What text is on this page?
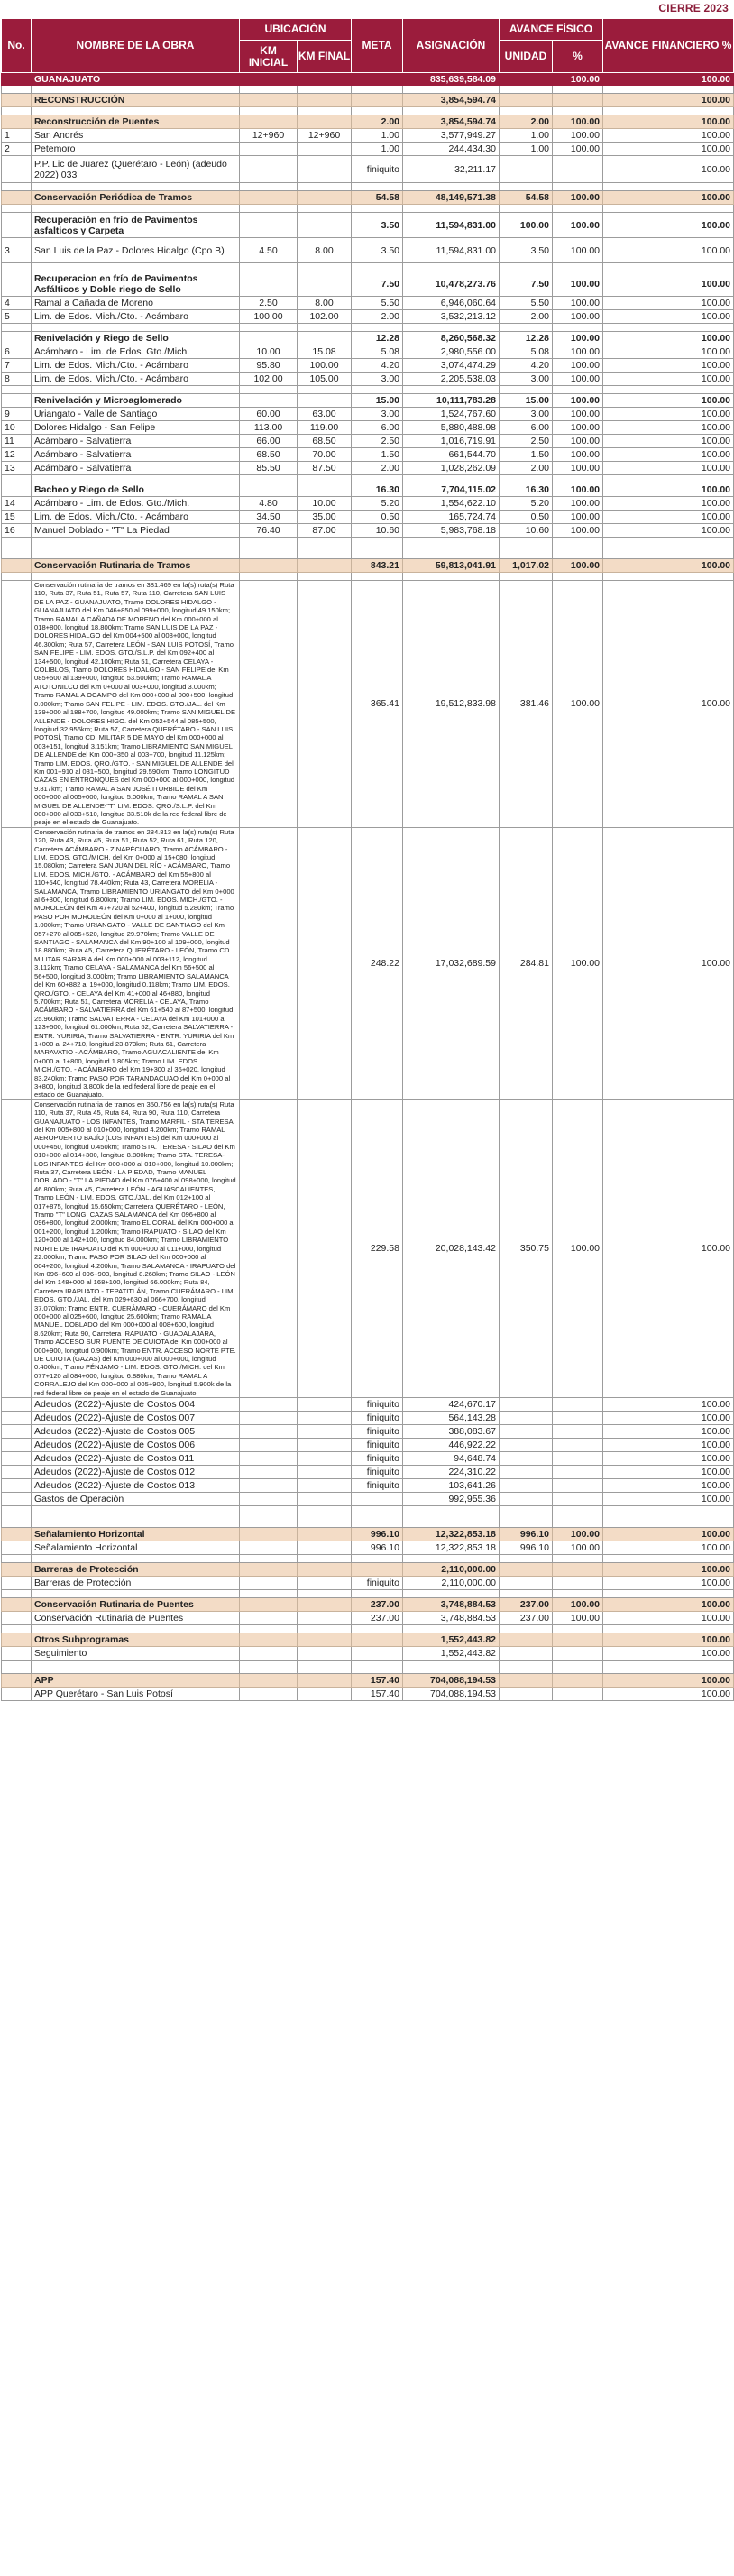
CIERRE 2023
No.	NOMBRE DE LA OBRA	UBICACIÓN		META	ASIGNACIÓN	AVANCE FÍSICO		AVANCE FINANCIERO %
		KM INICIAL	KM FINAL			UNIDAD	%	
	GUANAJUATO				835,639,584.09		100.00	100.00

	RECONSTRUCCIÓN				3,854,594.74			100.00

	Reconstrucción de Puentes			2.00	3,854,594.74	2.00	100.00	100.00
1	San Andrés	12+960	12+960	1.00	3,577,949.27	1.00	100.00	100.00
2	Petemoro			1.00	244,434.30	1.00	100.00	100.00
	P.P. Lic de Juarez (Querétaro - León) (adeudo 2022) 033			finiquito	32,211.17			100.00

	Conservación Periódica de Tramos			54.58	48,149,571.38	54.58	100.00	100.00

	Recuperación en frío de Pavimentos asfalticos y Carpeta			3.50	11,594,831.00	100.00	100.00	100.00
3	San Luis de la Paz - Dolores Hidalgo (Cpo B)	4.50	8.00	3.50	11,594,831.00	3.50	100.00	100.00

	Recuperacion en frío de Pavimentos Asfálticos y Doble riego de Sello			7.50	10,478,273.76	7.50	100.00	100.00
4	Ramal a Cañada de Moreno	2.50	8.00	5.50	6,946,060.64	5.50	100.00	100.00
5	Lim. de Edos. Mich./Cto. - Acámbaro	100.00	102.00	2.00	3,532,213.12	2.00	100.00	100.00

	Renivelación y Riego de Sello			12.28	8,260,568.32	12.28	100.00	100.00
6	Acámbaro - Lim. de Edos. Gto./Mich.	10.00	15.08	5.08	2,980,556.00	5.08	100.00	100.00
7	Lim. de Edos. Mich./Cto. - Acámbaro	95.80	100.00	4.20	3,074,474.29	4.20	100.00	100.00
8	Lim. de Edos. Mich./Cto. - Acámbaro	102.00	105.00	3.00	2,205,538.03	3.00	100.00	100.00

	Renivelación y Microaglomerado			15.00	10,111,783.28	15.00	100.00	100.00
9	Uriangato - Valle de Santiago	60.00	63.00	3.00	1,524,767.60	3.00	100.00	100.00
10	Dolores Hidalgo - San Felipe	113.00	119.00	6.00	5,880,488.98	6.00	100.00	100.00
11	Acámbaro - Salvatierra	66.00	68.50	2.50	1,016,719.91	2.50	100.00	100.00
12	Acámbaro - Salvatierra	68.50	70.00	1.50	661,544.70	1.50	100.00	100.00
13	Acámbaro - Salvatierra	85.50	87.50	2.00	1,028,262.09	2.00	100.00	100.00

	Bacheo y Riego de Sello			16.30	7,704,115.02	16.30	100.00	100.00
14	Acámbaro - Lim. de Edos. Gto./Mich.	4.80	10.00	5.20	1,554,622.10	5.20	100.00	100.00
15	Lim. de Edos. Mich./Cto. - Acámbaro	34.50	35.00	0.50	165,724.74	0.50	100.00	100.00
16	Manuel Doblado - "T" La Piedad	76.40	87.00	10.60	5,983,768.18	10.60	100.00	100.00

	Conservación Rutinaria de Tramos			843.21	59,813,041.91	1,017.02	100.00	100.00

	Conservación rutinaria de tramos en 381.469 en la(s) ruta(s) Ruta 110, Ruta 37, Ruta 51, Ruta 57, Ruta 110, Carretera SAN LUIS DE LA PAZ - GUANAJUATO, Tramo DOLORES HIDALGO - GUANAJUATO del Km 046+850 al 099+000, longitud 49.150km; Tramo RAMAL A CAÑADA DE MORENO del Km 000+000 al 018+800, longitud 18.800km; Tramo SAN LUIS DE LA PAZ - DOLORES HIDALGO del Km 004+500 al 008+000, longitud 46.300km; Ruta 57, Carretera LEÓN - SAN LUIS POTOSÍ, Tramo SAN FELIPE - LIM. EDOS. GTO./S.L.P. del Km 092+400 al 134+500, longitud 42.100km; Ruta 51, Carretera CELAYA - COLIBLOS, Tramo DOLORES HIDALGO - SAN FELIPE del Km 085+500 al 139+000, longitud 53.500km; Tramo RAMAL A ATOTONILCO del Km 0+000 al 003+000, longitud 3.000km; Tramo RAMAL A OCAMPO del Km 000+000 al 000+500, longitud 0.000km; Tramo SAN FELIPE - LIM. EDOS. GTO./JAL. del Km 139+000 al 188+700, longitud 49.000km; Tramo SAN MIGUEL DE ALLENDE - DOLORES HIGO. del Km 052+544 al 085+500, longitud 32.956km; Ruta 57, Carretera QUERÉTARO - SAN LUIS POTOSÍ, Tramo CD. MILITAR 5 DE MAYO del Km 000+000 al 003+151, longitud 3.151km; Tramo LIBRAMIENTO SAN MIGUEL DE ALLENDE del Km 000+350 al 003+700, longitud 11.125km; Tramo LIM. EDOS. QRO./GTO. - SAN MIGUEL DE ALLENDE del Km 001+910 al 031+500, longitud 29.590km; Tramo LONGITUD CAZAS EN ENTRONQUES del Km 000+000 al 000+000, longitud 9.817km; Tramo RAMAL A SAN JOSÉ ITURBIDE del Km 000+000 al 005+000, longitud 5.000km; Tramo RAMAL A SAN MIGUEL DE ALLENDE-"T" LIM. EDOS. QRO./S.L.P. del Km 000+000 al 033+510, longitud 33.510k de la red federal libre de peaje en el estado de Guanajuato.			365.41	19,512,833.98	381.46	100.00	100.00
	Conservación rutinaria de tramos en 284.813 en la(s) ruta(s) Ruta 120, Ruta 43, Ruta 45, Ruta 51, Ruta 52, Ruta 61, Ruta 120, Carretera ACÁMBARO - ZINAPÉCUARO, Tramo ACÁMBARO - LIM. EDOS. GTO./MICH. del Km 0+000 al 15+080, longitud 15.080km; Carretera SAN JUAN DEL RÍO - ACÁMBARO, Tramo LIM. EDOS. MICH./GTO. - ACÁMBARO del Km 55+800 al 110+540, longitud 78.440km; Ruta 43, Carretera MORELIA - SALAMANCA, Tramo LIBRAMIENTO URIANGATO del Km 0+000 al 6+800, longitud 6.800km; Tramo LIM. EDOS. MICH./GTO. - MOROLEÓN del Km 47+720 al 52+400, longitud 5.280km; Tramo PASO POR MOROLEÓN del Km 0+000 al 1+000, longitud 1.000km; Tramo URIANGATO - VALLE DE SANTIAGO del Km 057+270 al 085+520, longitud 29.970km; Tramo VALLE DE SANTIAGO - SALAMANCA del Km 90+100 al 109+000, longitud 18.880km; Ruta 45, Carretera QUERÉTARO - LEÓN, Tramo CD. MILITAR SARABIA del Km 000+000 al 003+112, longitud 3.112km; Tramo CELAYA - SALAMANCA del Km 56+500 al 56+500, longitud 3.000km; Tramo LIBRAMIENTO SALAMANCA del Km 60+882 al 19+000, longitud 0.118km; Tramo LIM. EDOS. QRO./GTO. - CELAYA del Km 41+000 al 46+880, longitud 5.700km; Ruta 51, Carretera MORELIA - CELAYA, Tramo ACÁMBARO - SALVATIERRA del Km 61+540 al 87+500, longitud 25.960km; Tramo SALVATIERRA - CELAYA del Km 101+000 al 123+500, longitud 61.000km; Ruta 52, Carretera SALVATIERRA - ENTR. YURIRIA, Tramo SALVATIERRA - ENTR. YURIRIA del Km 1+000 al 24+710, longitud 23.873km; Ruta 61, Carretera MARAVATIO - ACÁMBARO, Tramo AGUACALIENTE del Km 0+000 al 1+800, longitud 1.805km; Tramo LIM. EDOS. MICH./GTO. - ACÁMBARO del Km 19+300 al 36+020, longitud 83.240km; Tramo PASO POR TARANDACUAO del Km 0+000 al 3+800, longitud 3.800k de la red federal libre de peaje en el estado de Guanajuato.			248.22	17,032,689.59	284.81	100.00	100.00
	Conservación rutinaria de tramos en 350.756 en la(s) ruta(s) Ruta 110, Ruta 37, Ruta 45, Ruta 84, Ruta 90, Ruta 110, Carretera GUANAJUATO - LOS INFANTES, Tramo MARFIL - STA TERESA del Km 005+800 al 010+000, longitud 4.200km; Tramo RAMAL AEROPUERTO BAJÍO (LOS INFANTES) del Km 000+000 al 000+450, longitud 0.450km; Tramo STA. TERESA - SILAO del Km 010+000 al 014+300, longitud 8.800km; Tramo STA. TERESA-LOS INFANTES del Km 000+000 al 010+000, longitud 10.000km; Ruta 37, Carretera LEÓN - LA PIEDAD, Tramo MANUEL DOBLADO - "T" LA PIEDAD del Km 076+400 al 098+000, longitud 46.800km; Ruta 45, Carretera LEÓN - AGUASCALIENTES, Tramo LEÓN - LIM. EDOS. GTO./JAL. del Km 012+100 al 017+875, longitud 15.650km; Carretera QUERÉTARO - LEÓN, Tramo "T" LONG. CAZAS SALAMANCA del Km 096+800 al 096+800, longitud 2.000km; Tramo EL CORAL del Km 000+000 al 001+200, longitud 1.200km; Tramo IRAPUATO - SILAO del Km 120+000 al 142+100, longitud 84.000km; Tramo LIBRAMIENTO NORTE DE IRAPUATO del Km 000+000 al 011+000, longitud 22.000km; Tramo PASO POR SILAO del Km 000+000 al 004+200, longitud 4.200km; Tramo SALAMANCA - IRAPUATO del Km 096+600 al 096+903, longitud 8.268km; Tramo SILAO - LEÓN del Km 148+000 al 168+100, longitud 66.000km; Ruta 84, Carretera IRAPUATO - TEPATITLÁN, Tramo CUERÁMARO - LIM. EDOS. GTO./JAL. del Km 029+630 al 066+700, longitud 37.070km; Tramo ENTR. CUERÁMARO - CUERÁMARO del Km 000+000 al 025+600, longitud 25.600km; Tramo RAMAL A MANUEL DOBLADO del Km 000+000 al 008+600, longitud 8.620km; Ruta 90, Carretera IRAPUATO - GUADALAJARA, Tramo ACCESO SUR PUENTE DE CUIOTA del Km 000+000 al 000+900, longitud 0.900km; Tramo ENTR. ACCESO NORTE PTE. DE CUIOTA (GAZAS) del Km 000+000 al 000+000, longitud 0.400km; Tramo PÉNJAMO - LIM. EDOS. GTO./MICH. del Km 077+120 al 084+000, longitud 6.880km; Tramo RAMAL A CORRALEJO del Km 000+000 al 005+900, longitud 5.900k de la red federal libre de peaje en el estado de Guanajuato.			229.58	20,028,143.42	350.75	100.00	100.00
	Adeudos (2022)-Ajuste de Costos 004			finiquito	424,670.17			100.00
	Adeudos (2022)-Ajuste de Costos 007			finiquito	564,143.28			100.00
	Adeudos (2022)-Ajuste de Costos 005			finiquito	388,083.67			100.00
	Adeudos (2022)-Ajuste de Costos 006			finiquito	446,922.22			100.00
	Adeudos (2022)-Ajuste de Costos 011			finiquito	94,648.74			100.00
	Adeudos (2022)-Ajuste de Costos 012			finiquito	224,310.22			100.00
	Adeudos (2022)-Ajuste de Costos 013			finiquito	103,641.26			100.00
	Gastos de Operación				992,955.36			100.00

	Señalamiento Horizontal			996.10	12,322,853.18	996.10	100.00	100.00
	Señalamiento Horizontal			996.10	12,322,853.18	996.10	100.00	100.00

	Barreras de Protección				2,110,000.00			100.00
	Barreras de Protección			finiquito	2,110,000.00			100.00

	Conservación Rutinaria de Puentes			237.00	3,748,884.53	237.00	100.00	100.00
	Conservación Rutinaria de Puentes			237.00	3,748,884.53	237.00	100.00	100.00

	Otros Subprogramas				1,552,443.82			100.00
	Seguimiento				1,552,443.82			100.00

	APP			157.40	704,088,194.53			100.00
	APP Querétaro - San Luis Potosí			157.40	704,088,194.53			100.00
